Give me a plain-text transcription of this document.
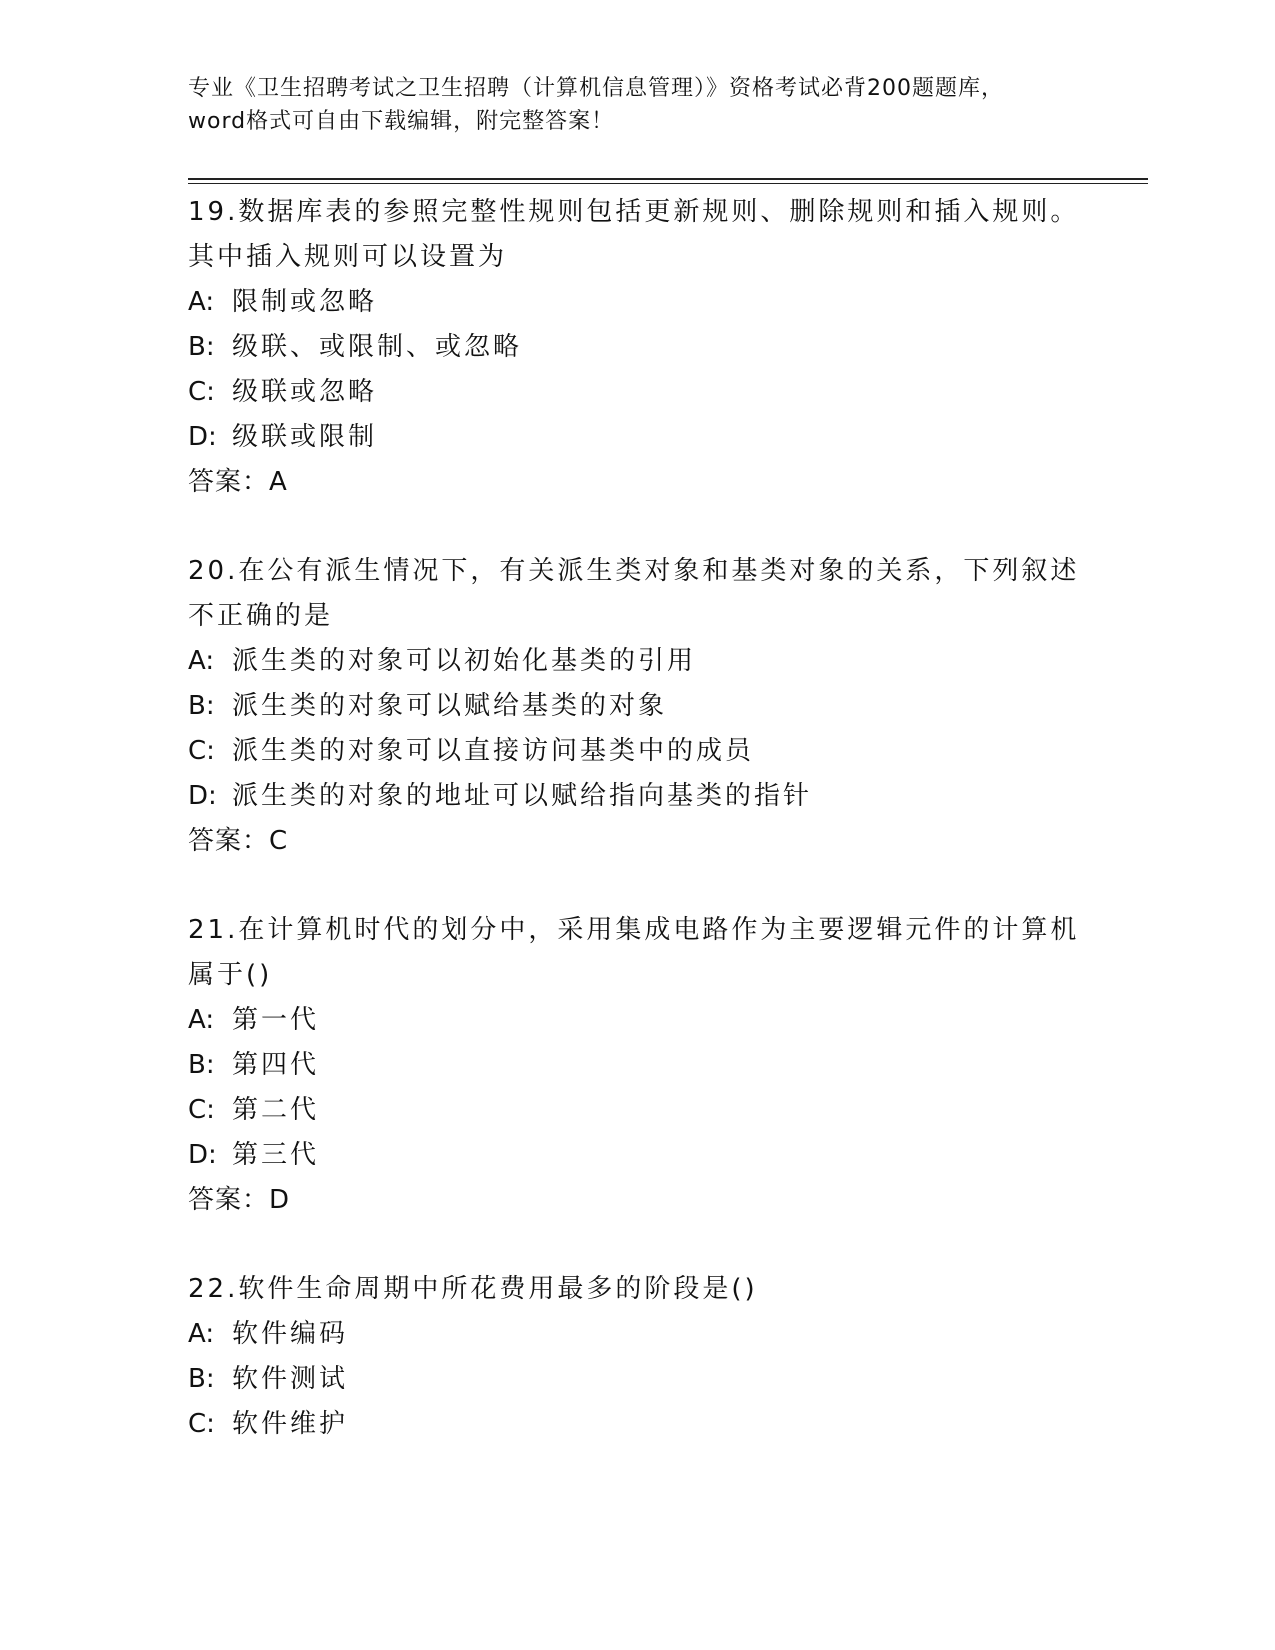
专业《卫生招聘考试之卫生招聘（计算机信息管理）》资格考试必背200题题库，
word格式可自由下载编辑，附完整答案！
19.数据库表的参照完整性规则包括更新规则、删除规则和插入规则。
其中插入规则可以设置为
A: 限制或忽略
B: 级联、或限制、或忽略
C: 级联或忽略
D: 级联或限制
答案：A
20.在公有派生情况下，有关派生类对象和基类对象的关系，下列叙述
不正确的是
A: 派生类的对象可以初始化基类的引用
B: 派生类的对象可以赋给基类的对象
C: 派生类的对象可以直接访问基类中的成员
D: 派生类的对象的地址可以赋给指向基类的指针
答案：C
21.在计算机时代的划分中，采用集成电路作为主要逻辑元件的计算机
属于()
A: 第一代
B: 第四代
C: 第二代
D: 第三代
答案：D
22.软件生命周期中所花费用最多的阶段是()
A: 软件编码
B: 软件测试
C: 软件维护
